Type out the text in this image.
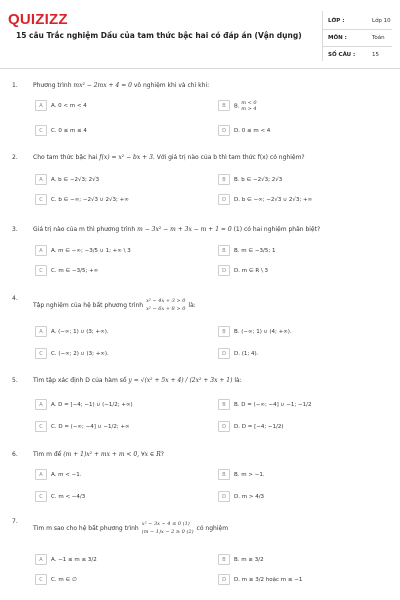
QUIZIZZ
15 câu Trắc nghiệm Dấu của tam thức bậc hai có đáp án (Vận dụng)
LỚP :	Lớp 10
MÔN :	Toán
SỐ CÂU :	15
1.	Phương trình mx² − 2mx + 4 = 0 vô nghiệm khi và chỉ khi:
A	A. 0 < m < 4	B	B.
m < 0
m > 4
C	C. 0 ≤ m ≤ 4	D	D. 0 ≤ m < 4
2.	Cho tam thức bậc hai f(x) = x² − bx + 3. Với giá trị nào của b thì tam thức f(x) có nghiệm?
A	A. b ∈ −2√3; 2√3	B	B. b ∈ −2√3; 2√3
C	C. b ∈ −∞; −2√3 ∪ 2√3; +∞	D	D. b ∈ −∞; −2√3 ∪ 2√3; +∞
3.	Giá trị nào của m thì phương trình m − 3x² − m + 3x − m + 1 = 0 (1) có hai nghiệm phân biệt?
A	A. m ∈ −∞; −3/5 ∪ 1; +∞ \ 3	B	B. m ∈ −3/5; 1
C	C. m ∈ −3/5; +∞	D	D. m ∈ R \ 3
4.
Tập nghiệm của hệ bất phương trình
x² − 4x + 3 > 0
x² − 6x + 8 > 0
là:
A	A. (−∞; 1) ∪ (3; +∞).	B	B. (−∞; 1) ∪ (4; +∞).
C	C. (−∞; 2) ∪ (3; +∞).	D	D. (1; 4).
5.	Tìm tập xác định D của hàm số y = √(x² + 5x + 4) / (2x² + 3x + 1) là:
A	A. D = [−4; −1) ∪ (−1/2; +∞)	B	B. D = (−∞; −4] ∪ −1; −1/2
C	C. D = (−∞; −4] ∪ −1/2; +∞	D	D. D = [−4; −1/2)
6.	Tìm m để (m + 1)x² + mx + m < 0, ∀x ∈ R?
A	A. m < −1.	B	B. m > −1.
C	C. m < −4/3	D	D. m > 4/3
7.
Tìm m sao cho hệ bất phương trình
x² − 3x − 4 ≤ 0 (1)
(m − 1)x − 2 ≥ 0 (2)
có nghiệm
A	A. −1 ≤ m ≤ 3/2	B	B. m ≥ 3/2
C	C. m ∈ ∅	D	D. m ≥ 3/2 hoặc m ≤ −1
